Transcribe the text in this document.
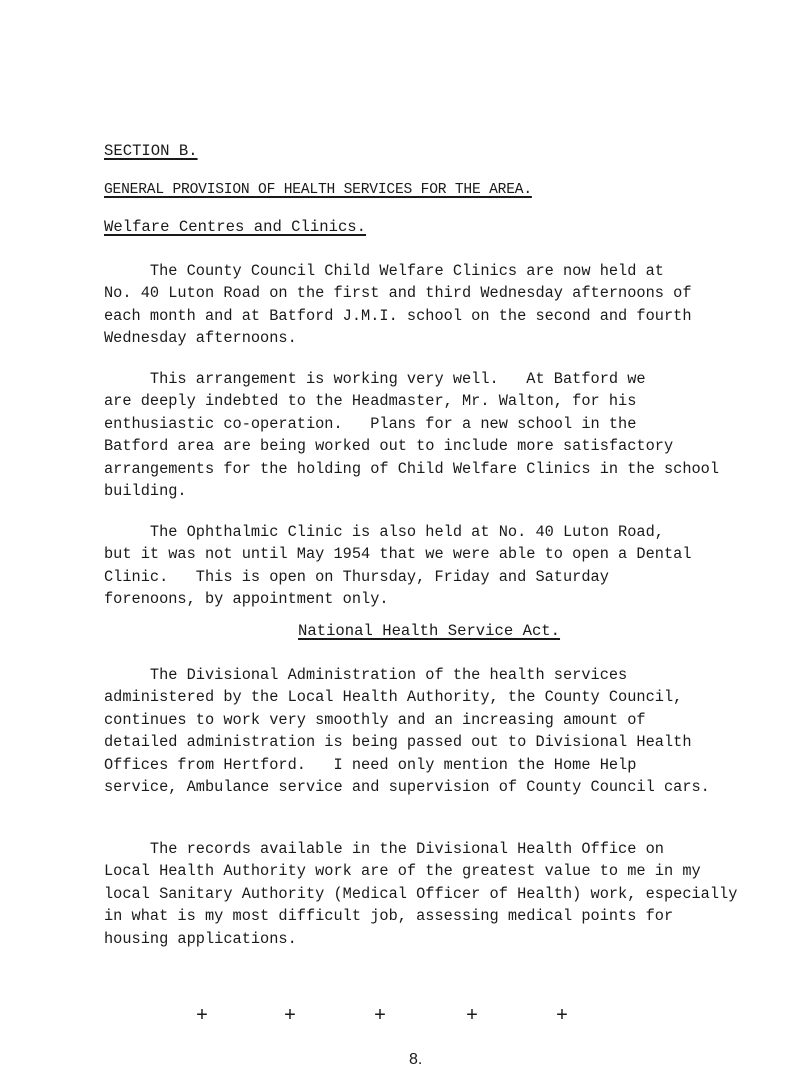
SECTION B.
GENERAL PROVISION OF HEALTH SERVICES FOR THE AREA.
Welfare Centres and Clinics.

The County Council Child Welfare Clinics are now held at
No. 40 Luton Road on the first and third Wednesday afternoons of
each month and at Batford J.M.I. school on the second and fourth
Wednesday afternoons.

This arrangement is working very well.   At Batford we
are deeply indebted to the Headmaster, Mr. Walton, for his
enthusiastic co-operation.   Plans for a new school in the
Batford area are being worked out to include more satisfactory
arrangements for the holding of Child Welfare Clinics in the school
building.

The Ophthalmic Clinic is also held at No. 40 Luton Road,
but it was not until May 1954 that we were able to open a Dental
Clinic.   This is open on Thursday, Friday and Saturday
forenoons, by appointment only.

National Health Service Act.

The Divisional Administration of the health services
administered by the Local Health Authority, the County Council,
continues to work very smoothly and an increasing amount of
detailed administration is being passed out to Divisional Health
Offices from Hertford.   I need only mention the Home Help
service, Ambulance service and supervision of County Council cars.

The records available in the Divisional Health Office on
Local Health Authority work are of the greatest value to me in my
local Sanitary Authority (Medical Officer of Health) work, especially
in what is my most difficult job, assessing medical points for
housing applications.

+	+	+	+	+
8.
